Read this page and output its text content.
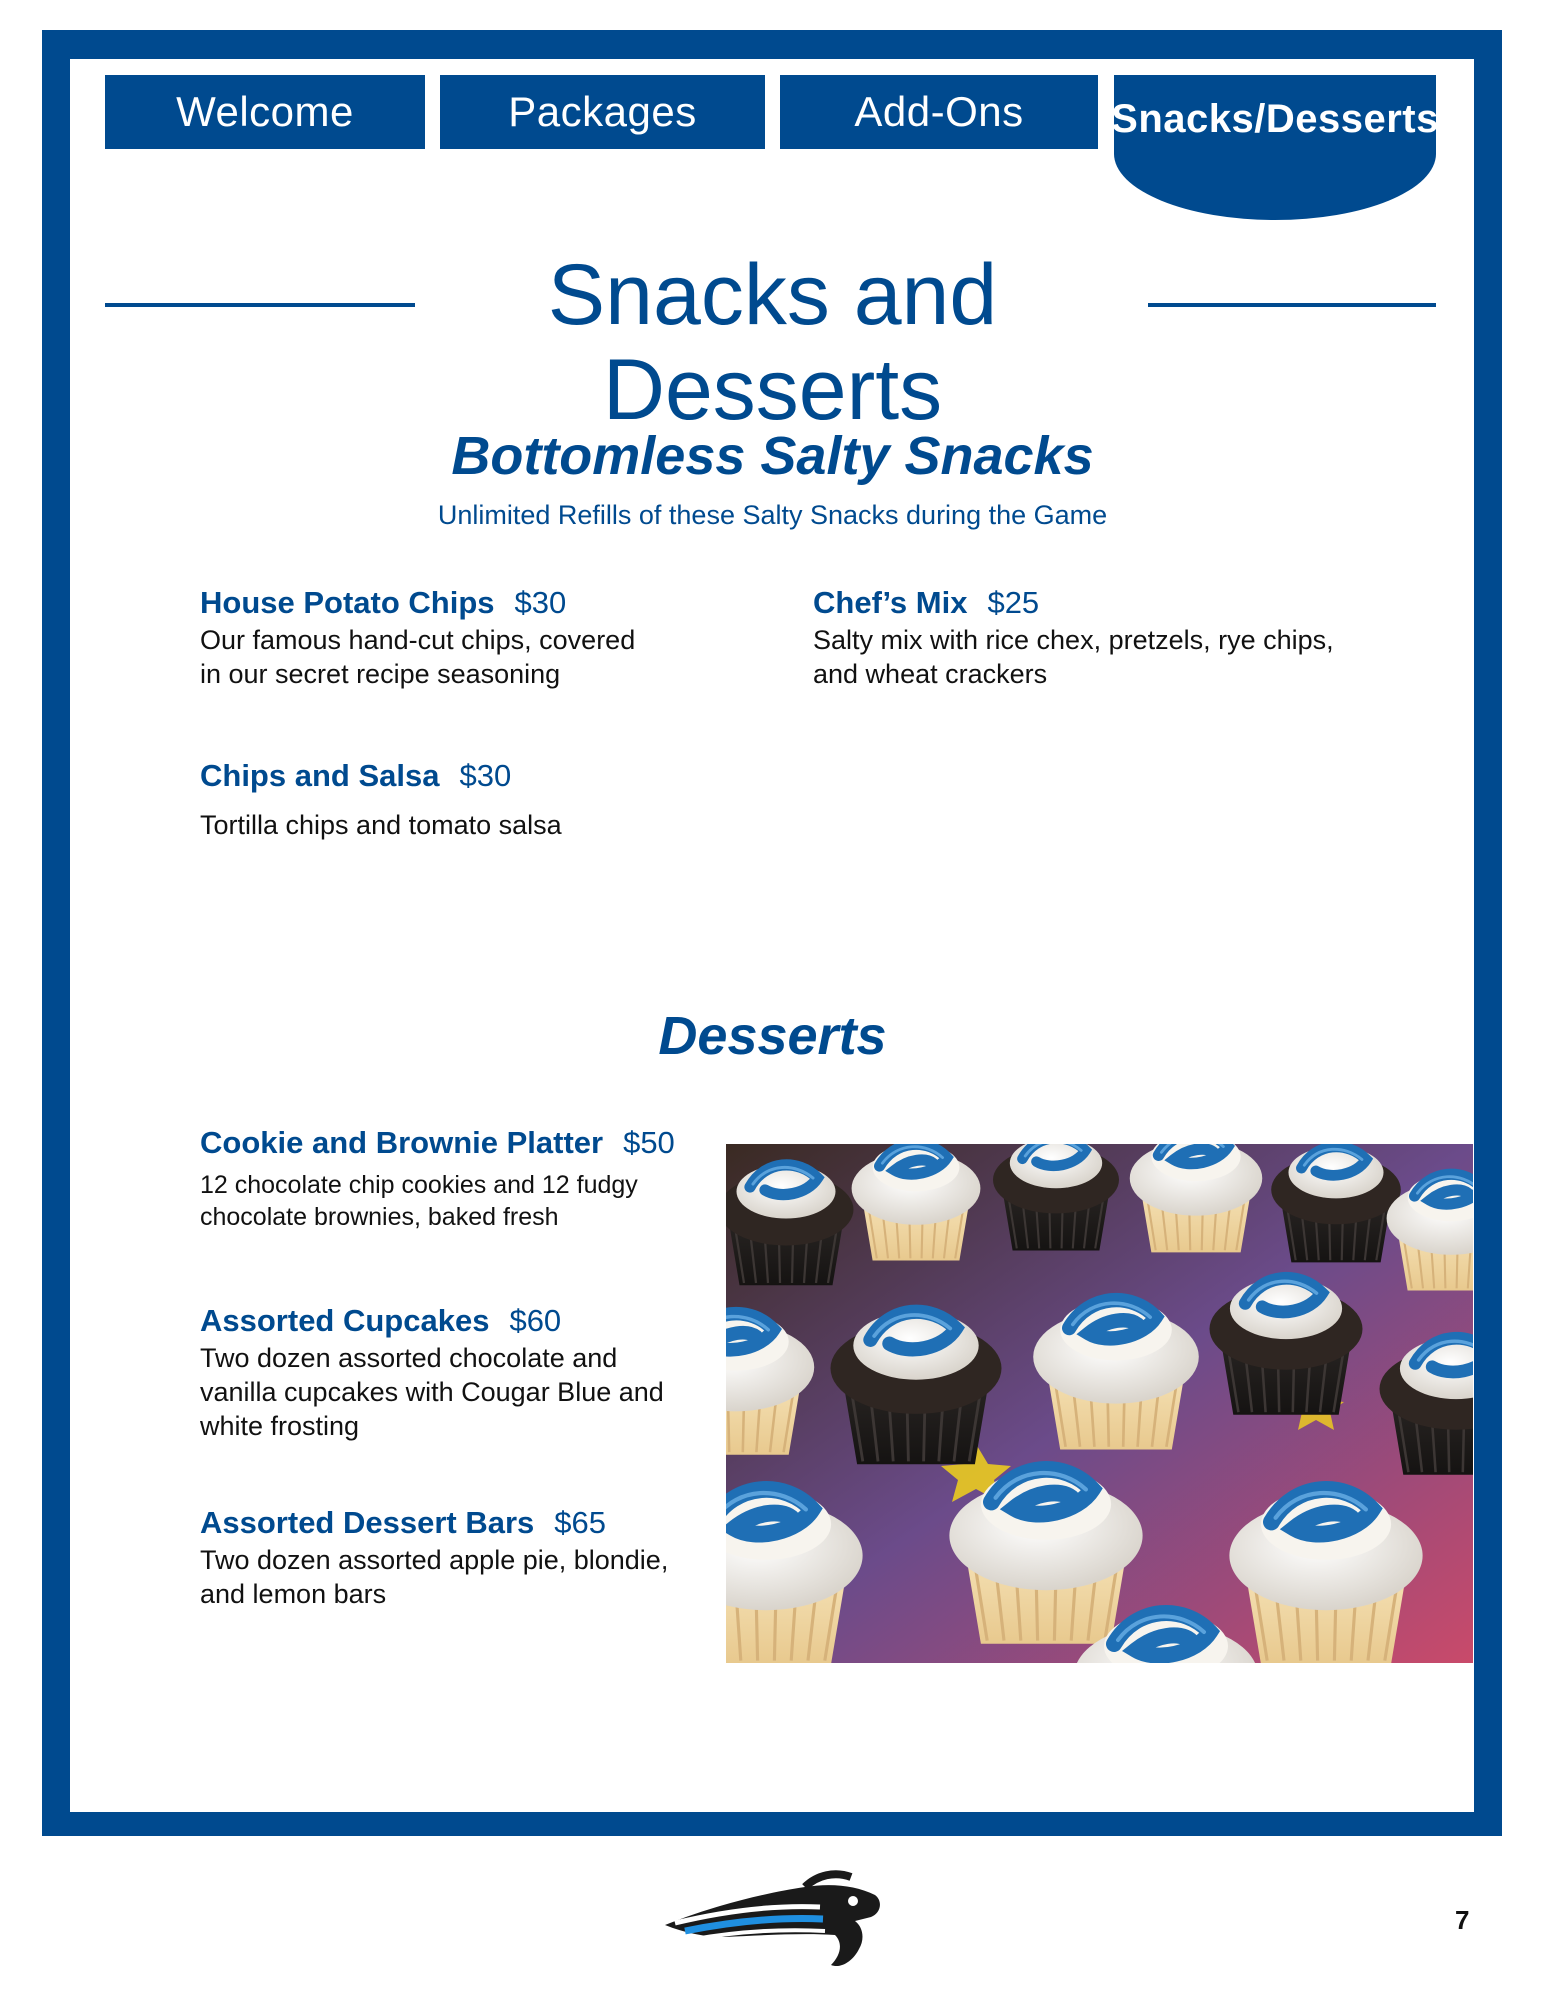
Welcome	Packages	Add-Ons Snacks/Desserts
Snacks and Desserts
Bottomless Salty Snacks
Unlimited Refills of these Salty Snacks during the Game
House Potato Chips $30
Our famous hand-cut chips, covered
in our secret recipe seasoning
Chef’s Mix $25
Salty mix with rice chex, pretzels, rye chips,
and wheat crackers
Chips and Salsa $30
Tortilla chips and tomato salsa
Desserts
Cookie and Brownie Platter $50
12 chocolate chip cookies and 12 fudgy
chocolate brownies, baked fresh
Assorted Cupcakes $60
Two dozen assorted chocolate and
vanilla cupcakes with Cougar Blue and
white frosting
Assorted Dessert Bars $65
Two dozen assorted apple pie, blondie,
and lemon bars
7
